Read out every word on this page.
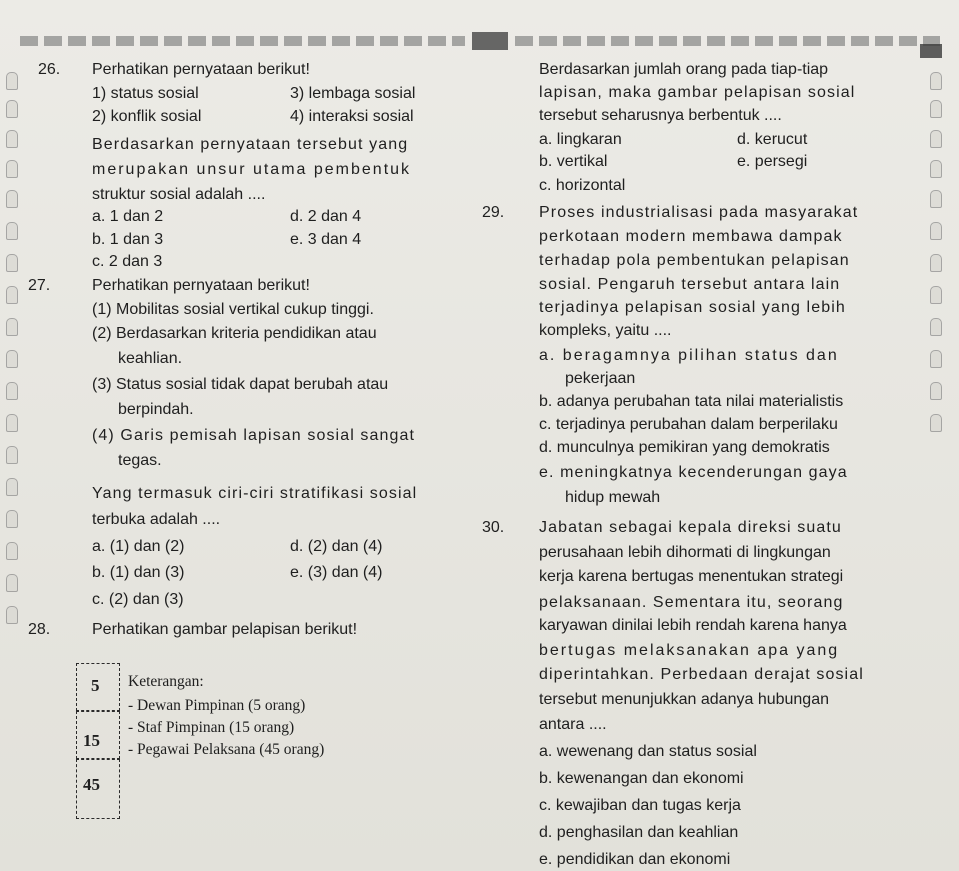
26. Perhatikan pernyataan berikut!
1) status sosial	3) lembaga sosial
2) konflik sosial	4) interaksi sosial
Berdasarkan pernyataan tersebut yang
merupakan unsur utama pembentuk
struktur sosial adalah ....
a. 1 dan 2	d. 2 dan 4
b. 1 dan 3	e. 3 dan 4
c. 2 dan 3
27.	Perhatikan pernyataan berikut!
(1) Mobilitas sosial vertikal cukup tinggi.
(2) Berdasarkan kriteria pendidikan atau
keahlian.
(3) Status sosial tidak dapat berubah atau
berpindah.
(4) Garis pemisah lapisan sosial sangat
tegas.
Yang termasuk ciri-ciri stratifikasi sosial
terbuka adalah ....
a. (1) dan (2)	d. (2) dan (4)
b. (1) dan (3)	e. (3) dan (4)
c. (2) dan (3)
28.	Perhatikan gambar pelapisan berikut!
5
15
45
Keterangan:
- Dewan Pimpinan (5 orang)
- Staf Pimpinan (15 orang)
- Pegawai Pelaksana (45 orang)
Berdasarkan jumlah orang pada tiap-tiap
lapisan, maka gambar pelapisan sosial
tersebut seharusnya berbentuk ....
a. lingkaran	d. kerucut
b. vertikal	e. persegi
c. horizontal
29. Proses industrialisasi pada masyarakat
perkotaan modern membawa dampak
terhadap pola pembentukan pelapisan
sosial. Pengaruh tersebut antara lain
terjadinya pelapisan sosial yang lebih
kompleks, yaitu ....
a. beragamnya pilihan status dan
pekerjaan
b. adanya perubahan tata nilai materialistis
c. terjadinya perubahan dalam berperilaku
d. munculnya pemikiran yang demokratis
e. meningkatnya kecenderungan gaya
hidup mewah
30. Jabatan sebagai kepala direksi suatu
perusahaan lebih dihormati di lingkungan
kerja karena bertugas menentukan strategi
pelaksanaan. Sementara itu, seorang
karyawan dinilai lebih rendah karena hanya
bertugas melaksanakan apa yang
diperintahkan. Perbedaan derajat sosial
tersebut menunjukkan adanya hubungan
antara ....
a. wewenang dan status sosial
b. kewenangan dan ekonomi
c. kewajiban dan tugas kerja
d. penghasilan dan keahlian
e. pendidikan dan ekonomi
